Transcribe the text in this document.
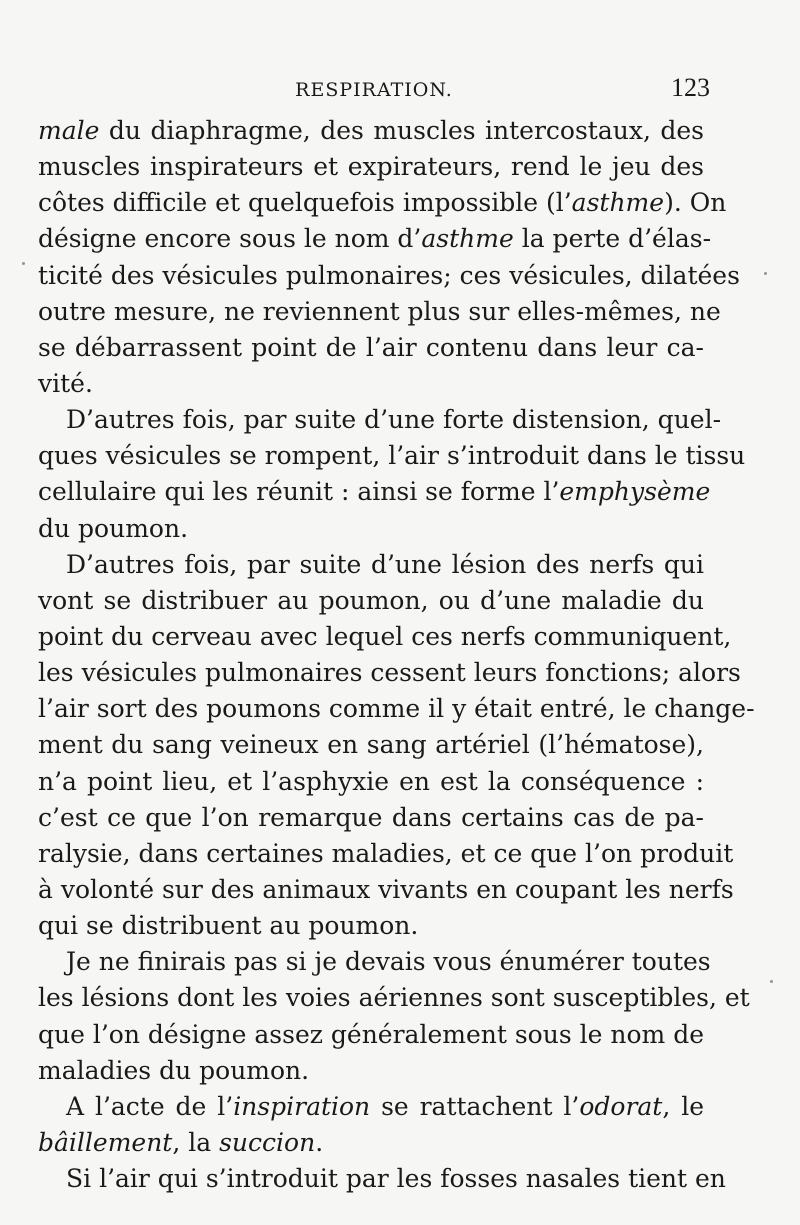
RESPIRATION.	123
male du diaphragme, des muscles intercostaux, des
muscles inspirateurs et expirateurs, rend le jeu des
côtes difficile et quelquefois impossible (l’asthme). On
désigne encore sous le nom d’asthme la perte d’élas-
ticité des vésicules pulmonaires; ces vésicules, dilatées
outre mesure, ne reviennent plus sur elles-mêmes, ne
se débarrassent point de l’air contenu dans leur ca-
vité.
D’autres fois, par suite d’une forte distension, quel-
ques vésicules se rompent, l’air s’introduit dans le tissu
cellulaire qui les réunit : ainsi se forme l’emphysème
du poumon.
D’autres fois, par suite d’une lésion des nerfs qui
vont se distribuer au poumon, ou d’une maladie du
point du cerveau avec lequel ces nerfs communiquent,
les vésicules pulmonaires cessent leurs fonctions; alors
l’air sort des poumons comme il y était entré, le change-
ment du sang veineux en sang artériel (l’hématose),
n’a point lieu, et l’asphyxie en est la conséquence :
c’est ce que l’on remarque dans certains cas de pa-
ralysie, dans certaines maladies, et ce que l’on produit
à volonté sur des animaux vivants en coupant les nerfs
qui se distribuent au poumon.
Je ne finirais pas si je devais vous énumérer toutes
les lésions dont les voies aériennes sont susceptibles, et
que l’on désigne assez généralement sous le nom de
maladies du poumon.
A l’acte de l’inspiration se rattachent l’odorat, le
bâillement, la succion.
Si l’air qui s’introduit par les fosses nasales tient en
